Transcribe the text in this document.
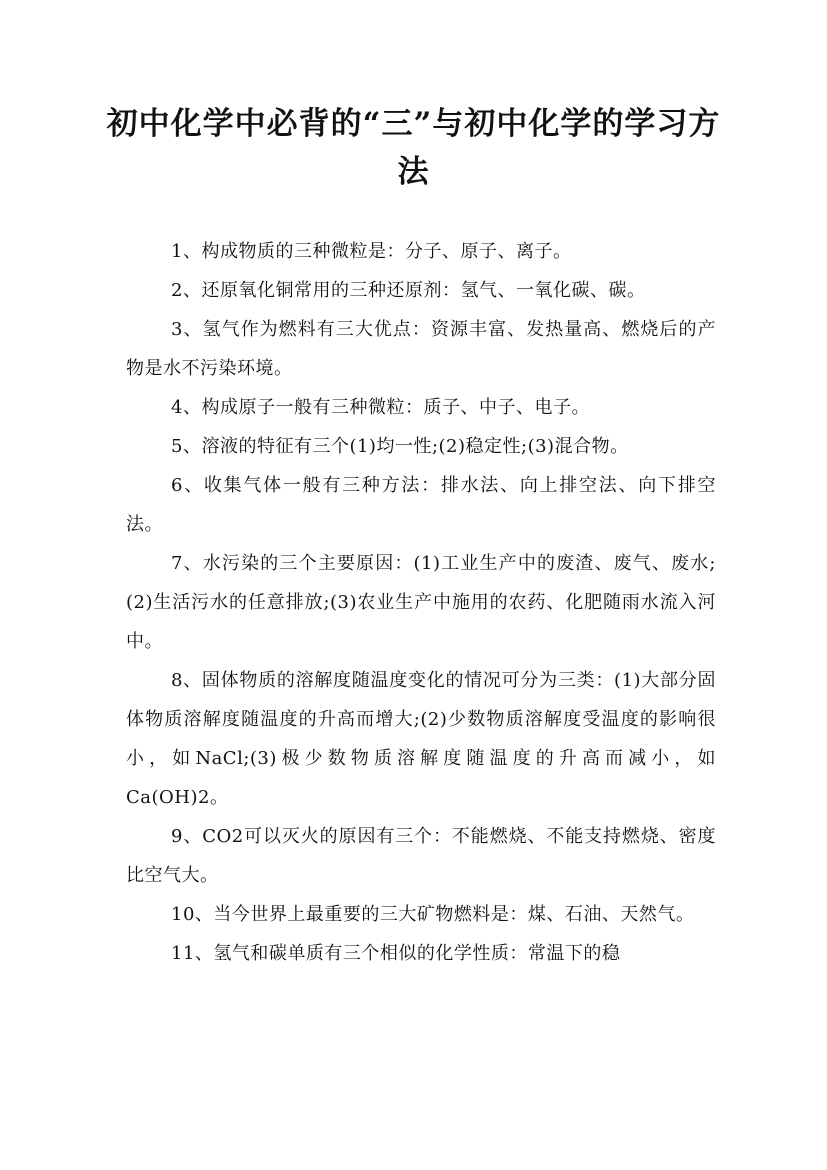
初中化学中必背的“三”与初中化学的学习方法

1、构成物质的三种微粒是：分子、原子、离子。

2、还原氧化铜常用的三种还原剂：氢气、一氧化碳、碳。

3、氢气作为燃料有三大优点：资源丰富、发热量高、燃烧后的产物是水不污染环境。

4、构成原子一般有三种微粒：质子、中子、电子。

5、溶液的特征有三个(1)均一性;(2)稳定性;(3)混合物。

6、收集气体一般有三种方法：排水法、向上排空法、向下排空法。

7、水污染的三个主要原因：(1)工业生产中的废渣、废气、废水;(2)生活污水的任意排放;(3)农业生产中施用的农药、化肥随雨水流入河中。

8、固体物质的溶解度随温度变化的情况可分为三类：(1)大部分固体物质溶解度随温度的升高而增大;(2)少数物质溶解度受温度的影响很小，如NaCl;(3)极少数物质溶解度随温度的升高而减小，如Ca(OH)2。

9、CO2可以灭火的原因有三个：不能燃烧、不能支持燃烧、密度比空气大。

10、当今世界上最重要的三大矿物燃料是：煤、石油、天然气。

11、氢气和碳单质有三个相似的化学性质：常温下的稳
